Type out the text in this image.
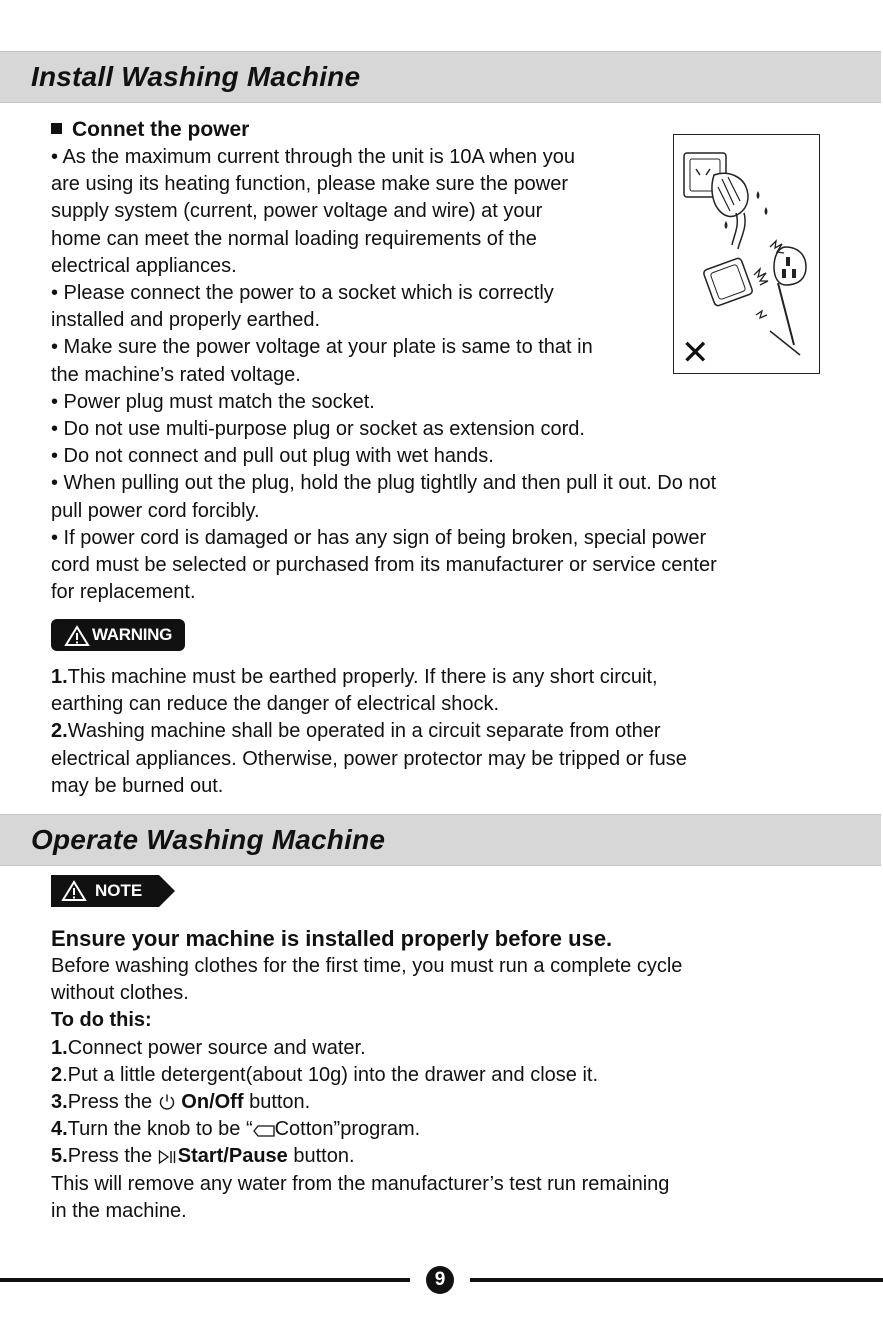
Install Washing Machine
Connet the power
• As the maximum current through the unit is 10A when you
are using its heating function, please make sure the power
supply system (current, power voltage and wire) at your
home can meet the normal loading requirements of the
electrical appliances.
• Please connect the power to a socket which is correctly
installed and properly earthed.
• Make sure the power voltage at your plate is same to that in
the machine’s rated voltage.
• Power plug must match the socket.
• Do not use multi-purpose plug or socket as extension cord.
• Do not connect and pull out plug with wet hands.
• When pulling out the plug, hold the plug tightlly and then pull it out. Do not
pull power cord forcibly.
• If power cord is damaged or has any sign of being broken, special power
cord must be selected or purchased from its manufacturer or service center
for replacement.
✕
WARNING
1.This machine must be earthed properly. If there is any short circuit,
earthing can reduce the danger of electrical shock.
2.Washing machine shall be operated in a circuit separate from other
electrical appliances. Otherwise, power protector may be tripped or fuse
may be burned out.
Operate Washing Machine
NOTE
Ensure your machine is installed properly before use.
Before washing clothes for the first time, you must run a complete cycle
without clothes.
To do this:
1.Connect power source and water.
2.Put a little detergent(about 10g) into the drawer and close it.
3.Press the  On/Off button.
4.Turn the knob to be “ Cotton”program.
5.Press the Start/Pause button.
This will remove any water from the manufacturer’s test run remaining
in the machine.
9
